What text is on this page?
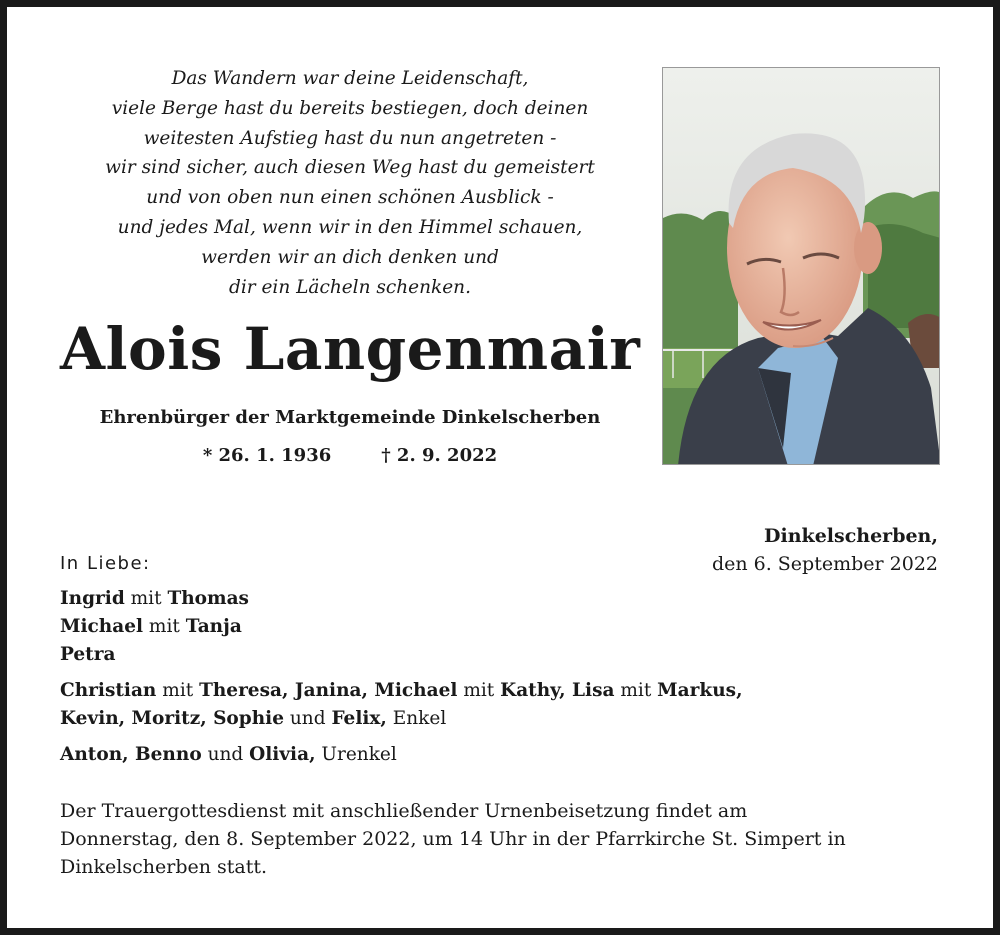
Das Wandern war deine Leidenschaft,
viele Berge hast du bereits bestiegen, doch deinen
weitesten Aufstieg hast du nun angetreten -
wir sind sicher, auch diesen Weg hast du gemeistert
und von oben nun einen schönen Ausblick -
und jedes Mal, wenn wir in den Himmel schauen,
werden wir an dich denken und
dir ein Lächeln schenken.
Alois Langenmair
Ehrenbürger der Marktgemeinde Dinkelscherben
* 26. 1. 1936	† 2. 9. 2022
Dinkelscherben,
den 6. September 2022
In Liebe:
Ingrid mit Thomas
Michael mit Tanja
Petra
Christian mit Theresa, Janina, Michael mit Kathy, Lisa mit Markus,
Kevin, Moritz, Sophie und Felix, Enkel
Anton, Benno und Olivia, Urenkel
Der Trauergottesdienst mit anschließender Urnenbeisetzung findet am
Donnerstag, den 8. September 2022, um 14 Uhr in der Pfarrkirche St. Simpert in
Dinkelscherben statt.
